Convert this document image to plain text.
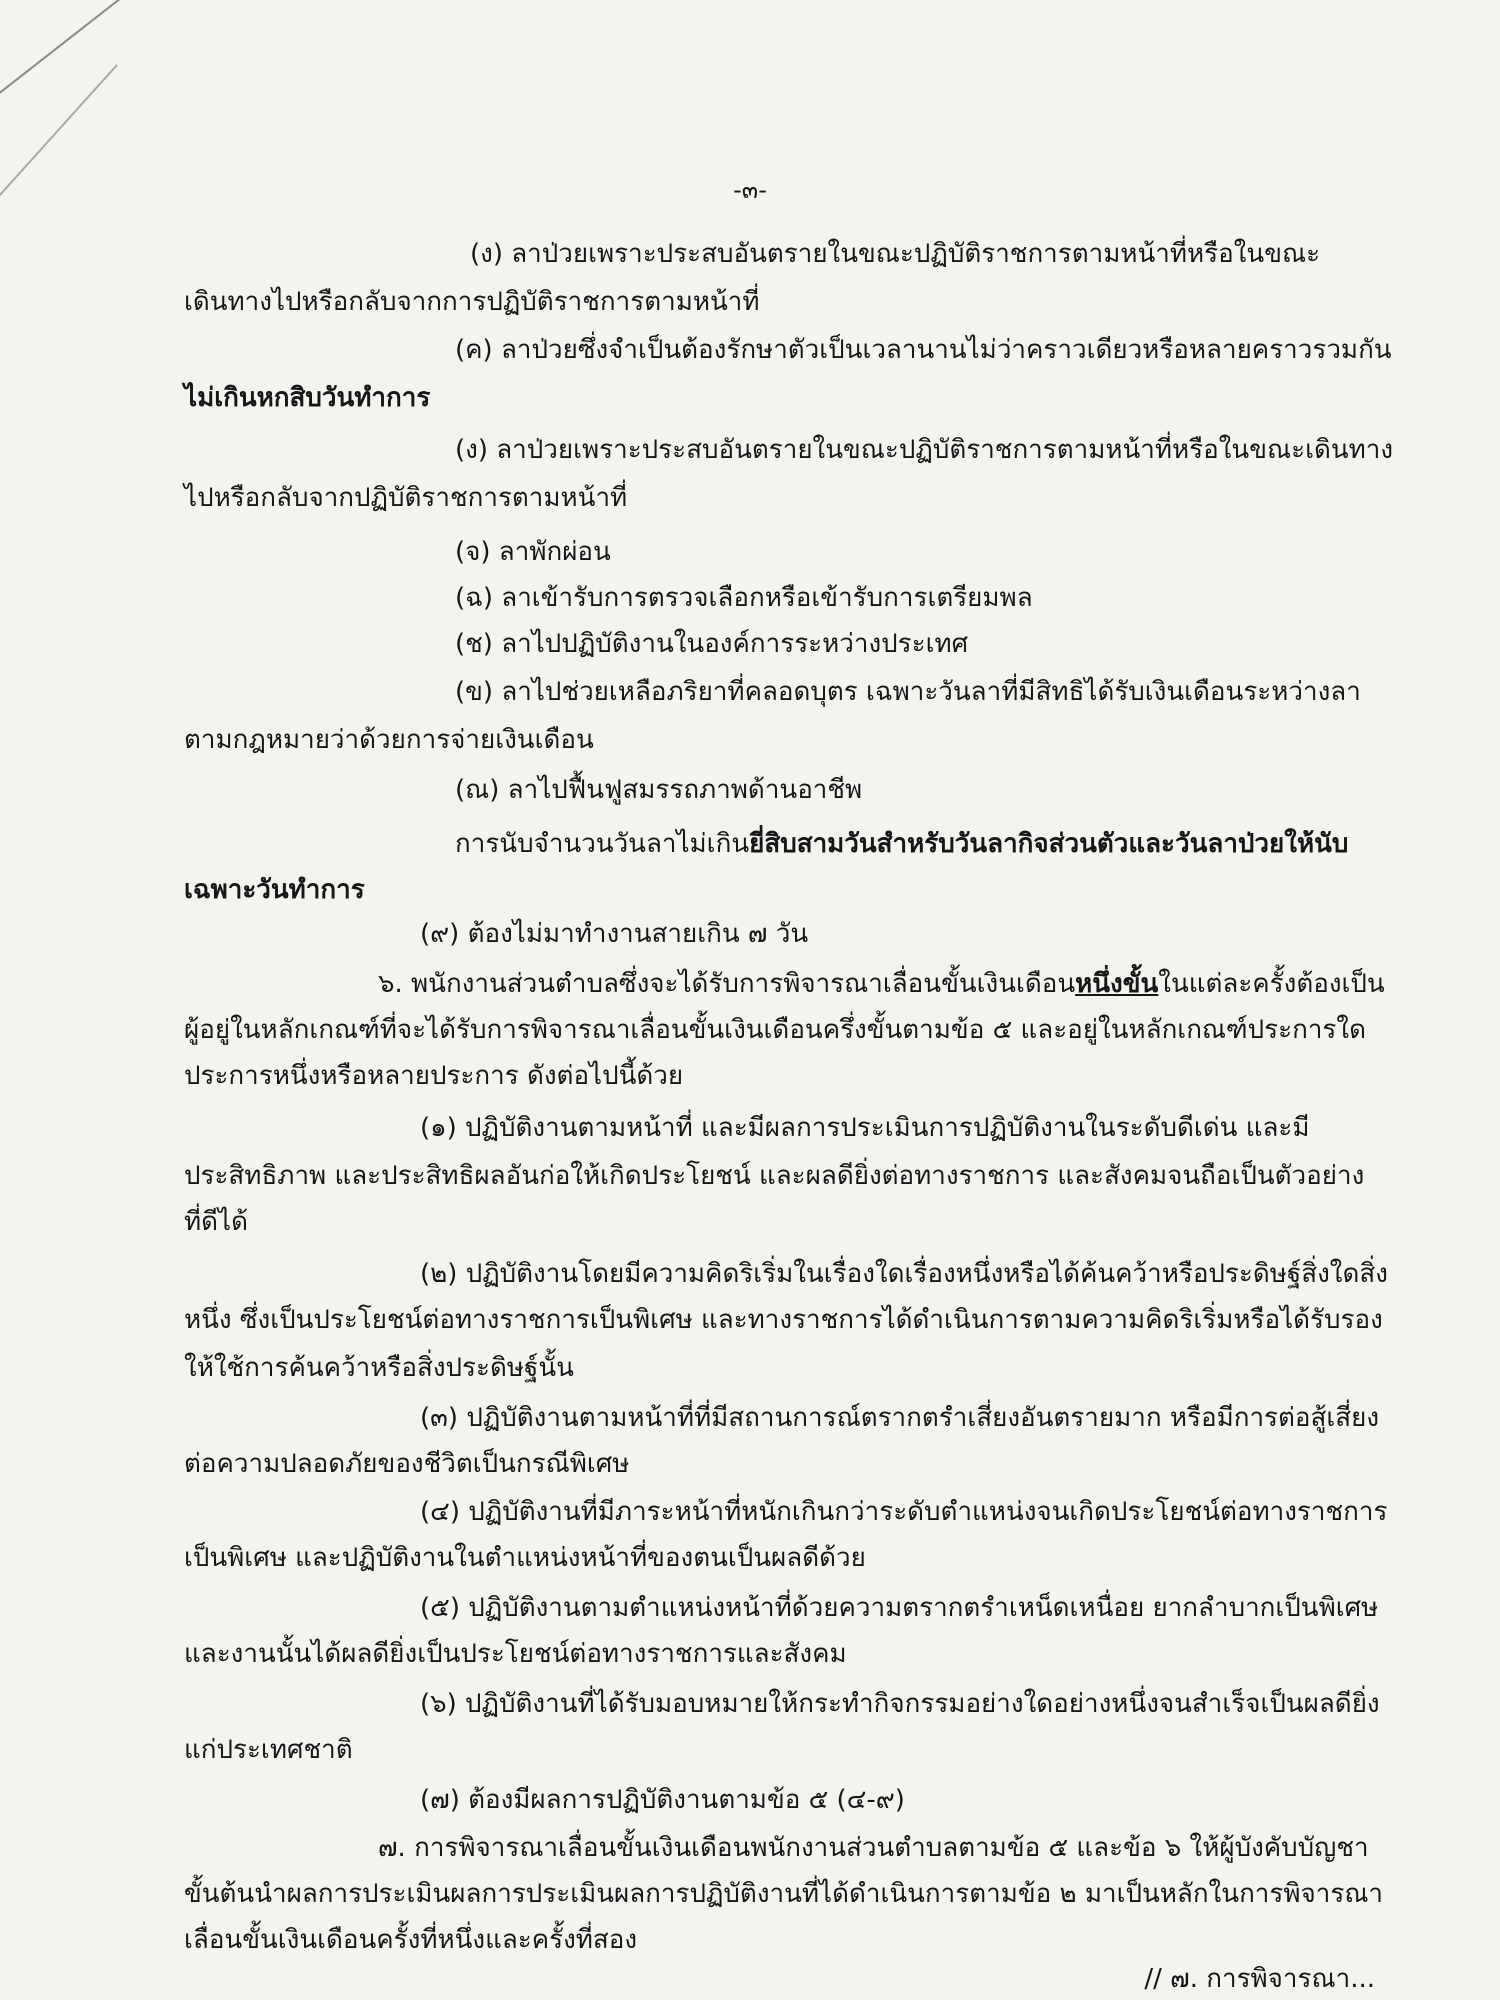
-๓-
(ง) ลาป่วยเพราะประสบอันตรายในขณะปฏิบัติราชการตามหน้าที่หรือในขณะ
เดินทางไปหรือกลับจากการปฏิบัติราชการตามหน้าที่
(ค) ลาป่วยซึ่งจำเป็นต้องรักษาตัวเป็นเวลานานไม่ว่าคราวเดียวหรือหลายคราวรวมกัน
ไม่เกินหกสิบวันทำการ
(ง) ลาป่วยเพราะประสบอันตรายในขณะปฏิบัติราชการตามหน้าที่หรือในขณะเดินทาง
ไปหรือกลับจากปฏิบัติราชการตามหน้าที่
(จ) ลาพักผ่อน
(ฉ) ลาเข้ารับการตรวจเลือกหรือเข้ารับการเตรียมพล
(ช) ลาไปปฏิบัติงานในองค์การระหว่างประเทศ
(ข) ลาไปช่วยเหลือภริยาที่คลอดบุตร เฉพาะวันลาที่มีสิทธิได้รับเงินเดือนระหว่างลา
ตามกฎหมายว่าด้วยการจ่ายเงินเดือน
(ณ) ลาไปฟื้นฟูสมรรถภาพด้านอาชีพ
การนับจำนวนวันลาไม่เกินยี่สิบสามวันสำหรับวันลากิจส่วนตัวและวันลาป่วยให้นับ
เฉพาะวันทำการ
(๙) ต้องไม่มาทำงานสายเกิน ๗ วัน
๖. พนักงานส่วนตำบลซึ่งจะได้รับการพิจารณาเลื่อนขั้นเงินเดือนหนึ่งขั้นในแต่ละครั้งต้องเป็น
ผู้อยู่ในหลักเกณฑ์ที่จะได้รับการพิจารณาเลื่อนขั้นเงินเดือนครึ่งขั้นตามข้อ ๕ และอยู่ในหลักเกณฑ์ประการใด
ประการหนึ่งหรือหลายประการ ดังต่อไปนี้ด้วย
(๑) ปฏิบัติงานตามหน้าที่ และมีผลการประเมินการปฏิบัติงานในระดับดีเด่น และมี
ประสิทธิภาพ และประสิทธิผลอันก่อให้เกิดประโยชน์ และผลดียิ่งต่อทางราชการ และสังคมจนถือเป็นตัวอย่าง
ที่ดีได้
(๒) ปฏิบัติงานโดยมีความคิดริเริ่มในเรื่องใดเรื่องหนึ่งหรือได้ค้นคว้าหรือประดิษฐ์สิ่งใดสิ่ง
หนึ่ง ซึ่งเป็นประโยชน์ต่อทางราชการเป็นพิเศษ และทางราชการได้ดำเนินการตามความคิดริเริ่มหรือได้รับรอง
ให้ใช้การค้นคว้าหรือสิ่งประดิษฐ์นั้น
(๓) ปฏิบัติงานตามหน้าที่ที่มีสถานการณ์ตรากตรำเสี่ยงอันตรายมาก หรือมีการต่อสู้เสี่ยง
ต่อความปลอดภัยของชีวิตเป็นกรณีพิเศษ
(๔) ปฏิบัติงานที่มีภาระหน้าที่หนักเกินกว่าระดับตำแหน่งจนเกิดประโยชน์ต่อทางราชการ
เป็นพิเศษ และปฏิบัติงานในตำแหน่งหน้าที่ของตนเป็นผลดีด้วย
(๕) ปฏิบัติงานตามตำแหน่งหน้าที่ด้วยความตรากตรำเหน็ดเหนื่อย ยากลำบากเป็นพิเศษ
และงานนั้นได้ผลดียิ่งเป็นประโยชน์ต่อทางราชการและสังคม
(๖) ปฏิบัติงานที่ได้รับมอบหมายให้กระทำกิจกรรมอย่างใดอย่างหนึ่งจนสำเร็จเป็นผลดียิ่ง
แก่ประเทศชาติ
(๗) ต้องมีผลการปฏิบัติงานตามข้อ ๕ (๔-๙)
๗. การพิจารณาเลื่อนขั้นเงินเดือนพนักงานส่วนตำบลตามข้อ ๕ และข้อ ๖ ให้ผู้บังคับบัญชา
ขั้นต้นนำผลการประเมินผลการประเมินผลการปฏิบัติงานที่ได้ดำเนินการตามข้อ ๒ มาเป็นหลักในการพิจารณา
เลื่อนขั้นเงินเดือนครั้งที่หนึ่งและครั้งที่สอง
// ๗. การพิจารณา...
